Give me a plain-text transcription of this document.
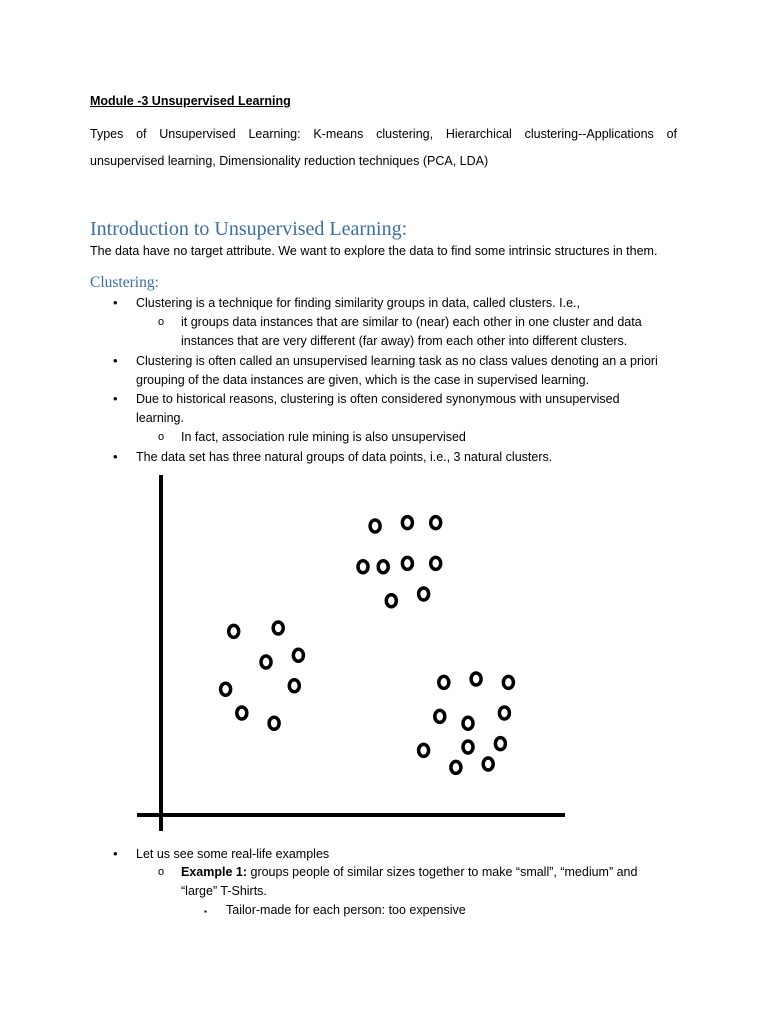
Module -3 Unsupervised Learning
Types of Unsupervised Learning: K-means clustering, Hierarchical clustering--Applications of
unsupervised learning, Dimensionality reduction techniques (PCA, LDA)
Introduction to Unsupervised Learning:
The data have no target attribute. We want to explore the data to find some intrinsic structures in them.
Clustering:
• Clustering is a technique for finding similarity groups in data, called clusters. I.e.,
o it groups data instances that are similar to (near) each other in one cluster and data
instances that are very different (far away) from each other into different clusters.
• Clustering is often called an unsupervised learning task as no class values denoting an a priori
grouping of the data instances are given, which is the case in supervised learning.
• Due to historical reasons, clustering is often considered synonymous with unsupervised
learning.
o In fact, association rule mining is also unsupervised
• The data set has three natural groups of data points, i.e., 3 natural clusters.
• Let us see some real-life examples
o Example 1: groups people of similar sizes together to make “small”, “medium” and
“large” T-Shirts.
▪ Tailor-made for each person: too expensive
